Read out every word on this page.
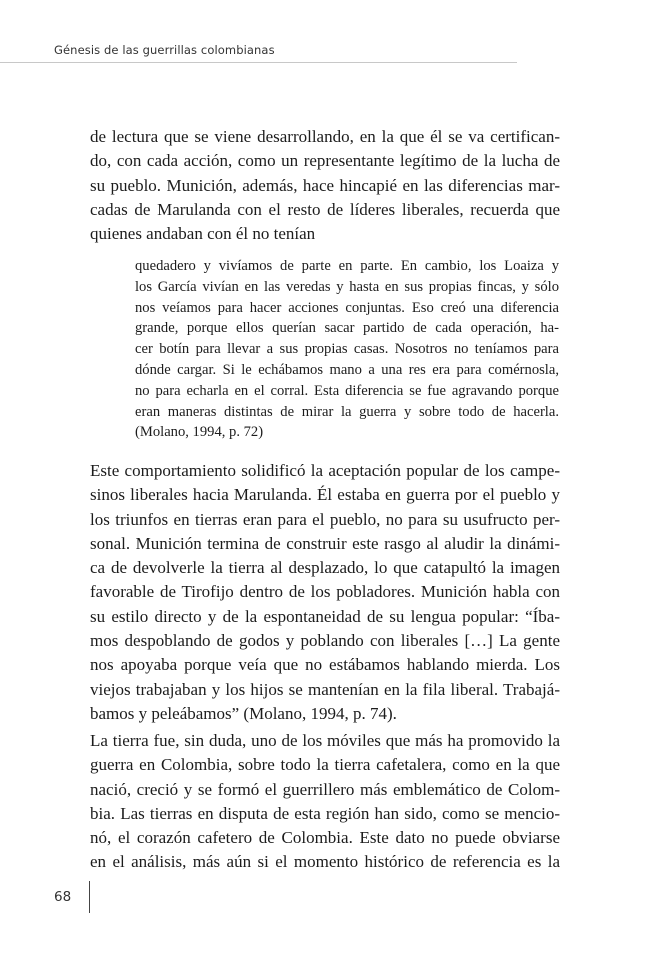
Génesis de las guerrillas colombianas
de lectura que se viene desarrollando, en la que él se va certifican-
do, con cada acción, como un representante legítimo de la lucha de
su pueblo. Munición, además, hace hincapié en las diferencias mar-
cadas de Marulanda con el resto de líderes liberales, recuerda que
quienes andaban con él no tenían
quedadero y vivíamos de parte en parte. En cambio, los Loaiza y
los García vivían en las veredas y hasta en sus propias fincas, y sólo
nos veíamos para hacer acciones conjuntas. Eso creó una diferencia
grande, porque ellos querían sacar partido de cada operación, ha-
cer botín para llevar a sus propias casas. Nosotros no teníamos para
dónde cargar. Si le echábamos mano a una res era para comérnosla,
no para echarla en el corral. Esta diferencia se fue agravando porque
eran maneras distintas de mirar la guerra y sobre todo de hacerla.
(Molano, 1994, p. 72)
Este comportamiento solidificó la aceptación popular de los campe-
sinos liberales hacia Marulanda. Él estaba en guerra por el pueblo y
los triunfos en tierras eran para el pueblo, no para su usufructo per-
sonal. Munición termina de construir este rasgo al aludir la dinámi-
ca de devolverle la tierra al desplazado, lo que catapultó la imagen
favorable de Tirofijo dentro de los pobladores. Munición habla con
su estilo directo y de la espontaneidad de su lengua popular: “Íba-
mos despoblando de godos y poblando con liberales […] La gente
nos apoyaba porque veía que no estábamos hablando mierda. Los
viejos trabajaban y los hijos se mantenían en la fila liberal. Trabajá-
bamos y peleábamos” (Molano, 1994, p. 74).
La tierra fue, sin duda, uno de los móviles que más ha promovido la
guerra en Colombia, sobre todo la tierra cafetalera, como en la que
nació, creció y se formó el guerrillero más emblemático de Colom-
bia. Las tierras en disputa de esta región han sido, como se mencio-
nó, el corazón cafetero de Colombia. Este dato no puede obviarse
en el análisis, más aún si el momento histórico de referencia es la
68
